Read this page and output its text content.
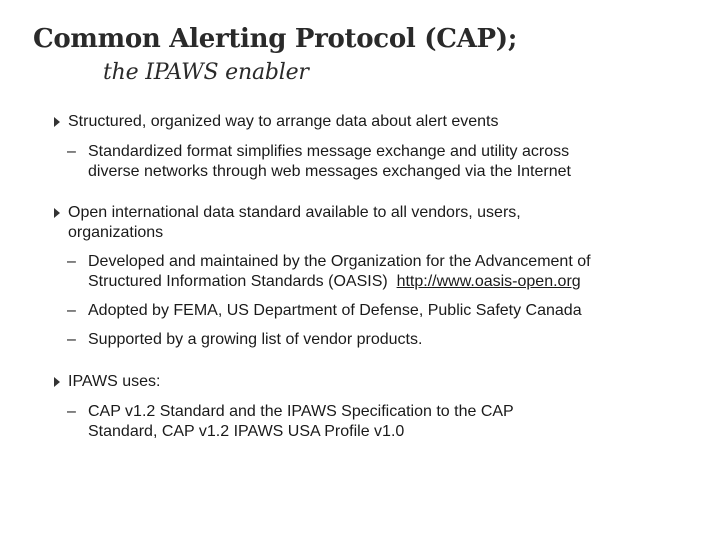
Common Alerting Protocol (CAP);
the IPAWS enabler
Structured, organized way to arrange data about alert events
– Standardized format simplifies message exchange and utility across
diverse networks through web messages exchanged via the Internet
Open international data standard available to all vendors, users,
organizations
– Developed and maintained by the Organization for the Advancement of
Structured Information Standards (OASIS) http://www.oasis-open.org
– Adopted by FEMA, US Department of Defense, Public Safety Canada
– Supported by a growing list of vendor products.
IPAWS uses:
– CAP v1.2 Standard and the IPAWS Specification to the CAP
Standard, CAP v1.2 IPAWS USA Profile v1.0
